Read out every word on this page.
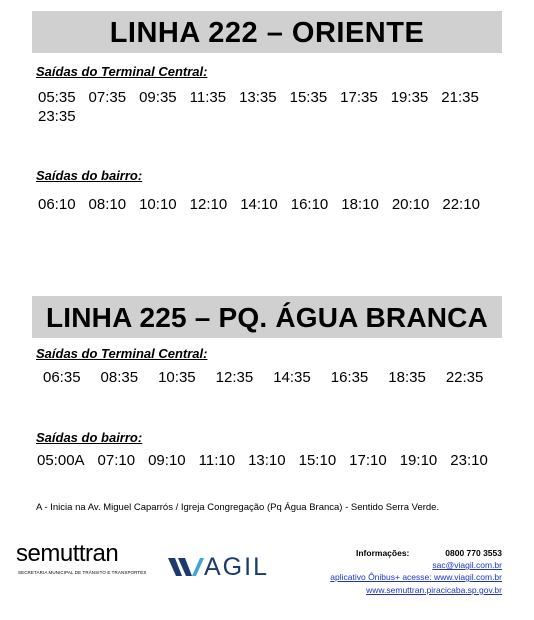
LINHA 222 – ORIENTE
Saídas do Terminal Central:
05:35 07:35 09:35 11:35 13:35 15:35 17:35 19:35 21:3523:35
Saídas do bairro:
06:10 08:10 10:10 12:10 14:10 16:10 18:10 20:10 22:10
LINHA 225 – PQ. ÁGUA BRANCA
Saídas do Terminal Central:
06:35 08:35 10:35 12:35 14:35 16:35 18:35 22:35
Saídas do bairro:
05:00A 07:10 09:10 11:10 13:10 15:10 17:10 19:10 23:10
A - Inicia na Av. Miguel Caparrós / Igreja Congregação (Pq Água Branca) - Sentido Serra Verde.
semuttran
SECRETARIA MUNICIPAL DE TRÂNSITO E TRANSPORTES AGIL	Informações:	0800 770 3553
sac@viagil.com.br
aplicativo Ônibus+ acesse: www.viagil.com.br
www.semuttran.piracicaba.sp.gov.br
